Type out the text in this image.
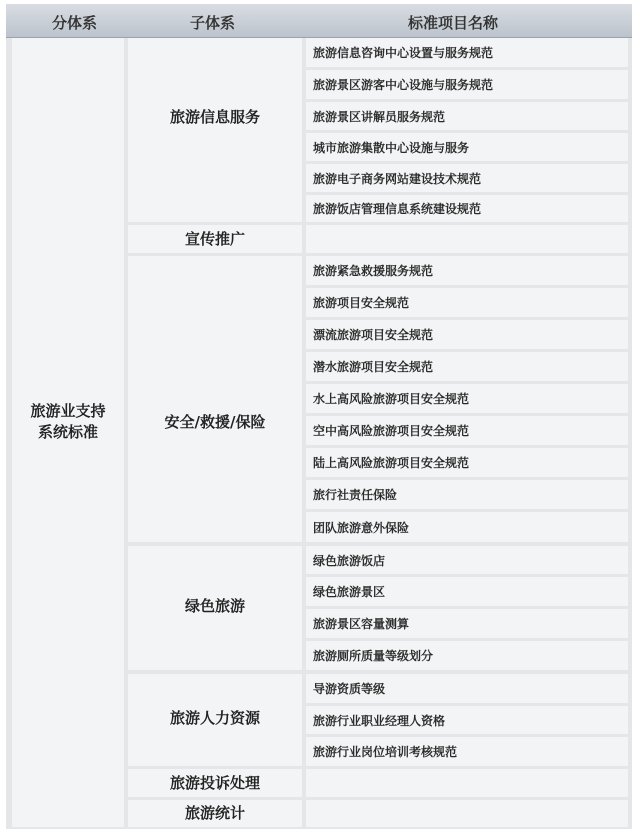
分体系	子体系	标准项目名称
旅游业支持
系统标准
旅游信息服务
宣传推广
安全/救援/保险
绿色旅游
旅游人力资源
旅游投诉处理
旅游统计
旅游信息咨询中心设置与服务规范
旅游景区游客中心设施与服务规范
旅游景区讲解员服务规范
城市旅游集散中心设施与服务
旅游电子商务网站建设技术规范
旅游饭店管理信息系统建设规范
旅游紧急救援服务规范
旅游项目安全规范
漂流旅游项目安全规范
潜水旅游项目安全规范
水上高风险旅游项目安全规范
空中高风险旅游项目安全规范
陆上高风险旅游项目安全规范
旅行社责任保险
团队旅游意外保险
绿色旅游饭店
绿色旅游景区
旅游景区容量测算
旅游厕所质量等级划分
导游资质等级
旅游行业职业经理人资格
旅游行业岗位培训考核规范
